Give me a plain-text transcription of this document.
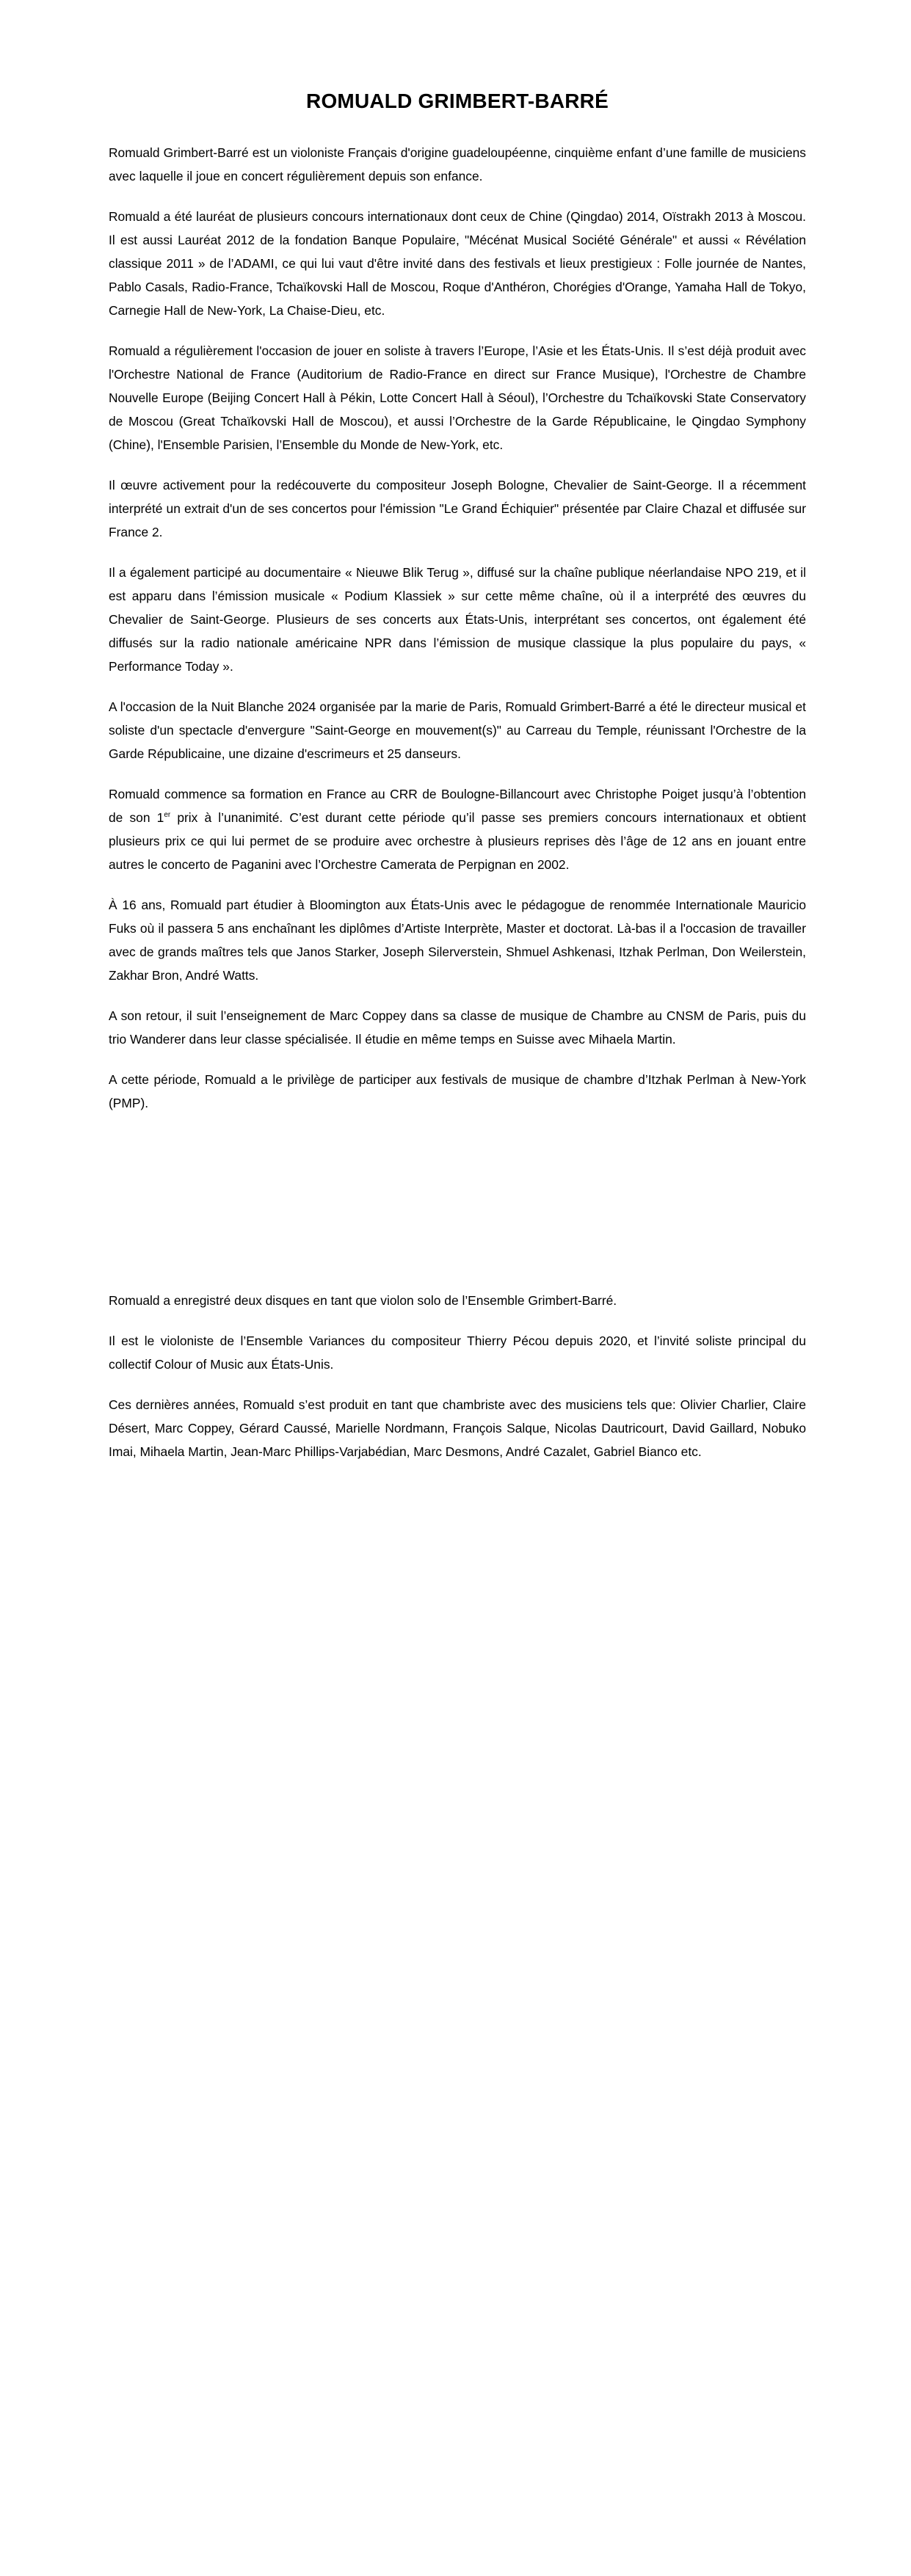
ROMUALD GRIMBERT-BARRÉ

Romuald Grimbert-Barré est un violoniste Français d'origine guadeloupéenne, cinquième enfant d’une famille de musiciens avec laquelle il joue en concert régulièrement depuis son enfance.

Romuald a été lauréat de plusieurs concours internationaux dont ceux de Chine (Qingdao) 2014, Oïstrakh 2013 à Moscou. Il est aussi Lauréat 2012 de la fondation Banque Populaire, "Mécénat Musical Société Générale" et aussi « Révélation classique 2011 » de l’ADAMI, ce qui lui vaut d'être invité dans des festivals et lieux prestigieux : Folle journée de Nantes, Pablo Casals, Radio-France, Tchaïkovski Hall de Moscou, Roque d'Anthéron, Chorégies d'Orange, Yamaha Hall de Tokyo, Carnegie Hall de New-York, La Chaise-Dieu, etc.

Romuald a régulièrement l'occasion de jouer en soliste à travers l’Europe, l’Asie et les États-Unis. Il s’est déjà produit avec l'Orchestre National de France (Auditorium de Radio-France en direct sur France Musique), l'Orchestre de Chambre Nouvelle Europe (Beijing Concert Hall à Pékin, Lotte Concert Hall à Séoul), l’Orchestre du Tchaïkovski State Conservatory de Moscou (Great Tchaïkovski Hall de Moscou), et aussi l’Orchestre de la Garde Républicaine, le Qingdao Symphony (Chine), l'Ensemble Parisien, l’Ensemble du Monde de New-York, etc.

Il œuvre activement pour la redécouverte du compositeur Joseph Bologne, Chevalier de Saint-George. Il a récemment interprété un extrait d'un de ses concertos pour l'émission "Le Grand Échiquier" présentée par Claire Chazal et diffusée sur France 2.

Il a également participé au documentaire « Nieuwe Blik Terug », diffusé sur la chaîne publique néerlandaise NPO 219, et il est apparu dans l’émission musicale « Podium Klassiek » sur cette même chaîne, où il a interprété des œuvres du Chevalier de Saint-George. Plusieurs de ses concerts aux États-Unis, interprétant ses concertos, ont également été diffusés sur la radio nationale américaine NPR dans l’émission de musique classique la plus populaire du pays, « Performance Today ».

A l'occasion de la Nuit Blanche 2024 organisée par la marie de Paris, Romuald Grimbert-Barré a été le directeur musical et soliste d'un spectacle d'envergure "Saint-George en mouvement(s)" au Carreau du Temple, réunissant l'Orchestre de la Garde Républicaine, une dizaine d'escrimeurs et 25 danseurs.

Romuald commence sa formation en France au CRR de Boulogne-Billancourt avec Christophe Poiget jusqu’à l’obtention de son 1er prix à l’unanimité. C’est durant cette période qu’il passe ses premiers concours internationaux et obtient plusieurs prix ce qui lui permet de se produire avec orchestre à plusieurs reprises dès l’âge de 12 ans en jouant entre autres le concerto de Paganini avec l’Orchestre Camerata de Perpignan en 2002.

À 16 ans, Romuald part étudier à Bloomington aux États-Unis avec le pédagogue de renommée Internationale Mauricio Fuks où il passera 5 ans enchaînant les diplômes d’Artiste Interprète, Master et doctorat. Là-bas il a l'occasion de travailler avec de grands maîtres tels que Janos Starker, Joseph Silerverstein, Shmuel Ashkenasi, Itzhak Perlman, Don Weilerstein, Zakhar Bron, André Watts.

A son retour, il suit l’enseignement de Marc Coppey dans sa classe de musique de Chambre au CNSM de Paris, puis du trio Wanderer dans leur classe spécialisée. Il étudie en même temps en Suisse avec Mihaela Martin.

A cette période, Romuald a le privilège de participer aux festivals de musique de chambre d’Itzhak Perlman à New-York (PMP).

Romuald a enregistré deux disques en tant que violon solo de l’Ensemble Grimbert-Barré.

Il est le violoniste de l’Ensemble Variances du compositeur Thierry Pécou depuis 2020, et l’invité soliste principal du collectif Colour of Music aux États-Unis.

Ces dernières années, Romuald s’est produit en tant que chambriste avec des musiciens tels que: Olivier Charlier, Claire Désert, Marc Coppey, Gérard Caussé, Marielle Nordmann, François Salque, Nicolas Dautricourt, David Gaillard, Nobuko Imai, Mihaela Martin, Jean-Marc Phillips-Varjabédian, Marc Desmons, André Cazalet, Gabriel Bianco etc.
